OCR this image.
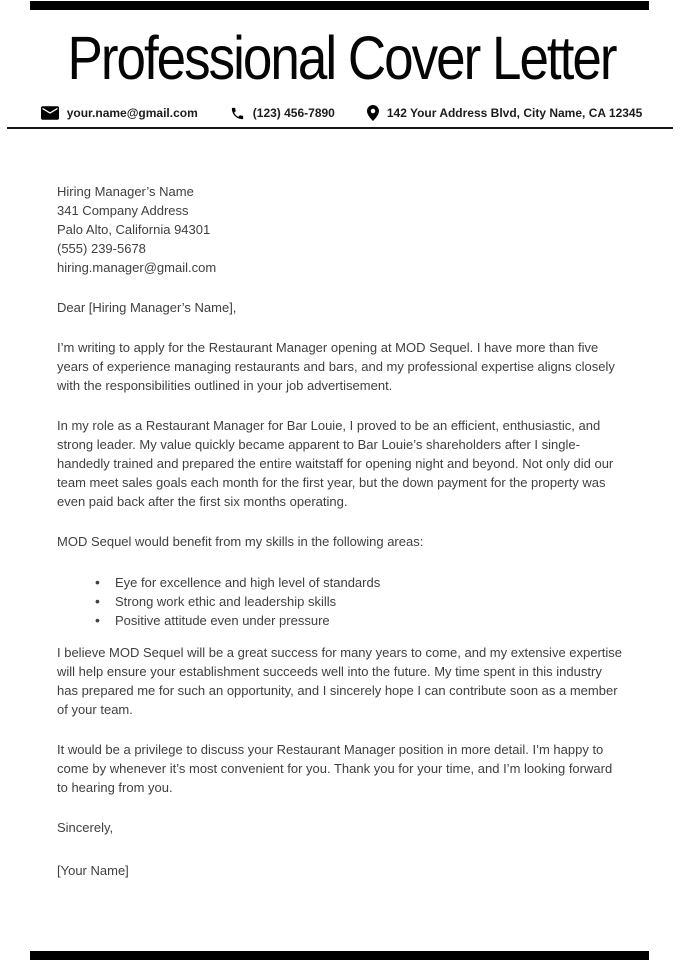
Professional Cover Letter
your.name@gmail.com	(123) 456-7890	142 Your Address Blvd, City Name, CA 12345
Hiring Manager’s Name
341 Company Address
Palo Alto, California 94301
(555) 239-5678
hiring.manager@gmail.com

Dear [Hiring Manager’s Name],

I’m writing to apply for the Restaurant Manager opening at MOD Sequel. I have more than five years of experience managing restaurants and bars, and my professional expertise aligns closely with the responsibilities outlined in your job advertisement.

In my role as a Restaurant Manager for Bar Louie, I proved to be an efficient, enthusiastic, and strong leader. My value quickly became apparent to Bar Louie’s shareholders after I single-handedly trained and prepared the entire waitstaff for opening night and beyond. Not only did our team meet sales goals each month for the first year, but the down payment for the property was even paid back after the first six months operating.

MOD Sequel would benefit from my skills in the following areas:

• Eye for excellence and high level of standards
• Strong work ethic and leadership skills
• Positive attitude even under pressure

I believe MOD Sequel will be a great success for many years to come, and my extensive expertise will help ensure your establishment succeeds well into the future. My time spent in this industry has prepared me for such an opportunity, and I sincerely hope I can contribute soon as a member of your team.

It would be a privilege to discuss your Restaurant Manager position in more detail. I’m happy to come by whenever it’s most convenient for you. Thank you for your time, and I’m looking forward to hearing from you.

Sincerely,

[Your Name]
